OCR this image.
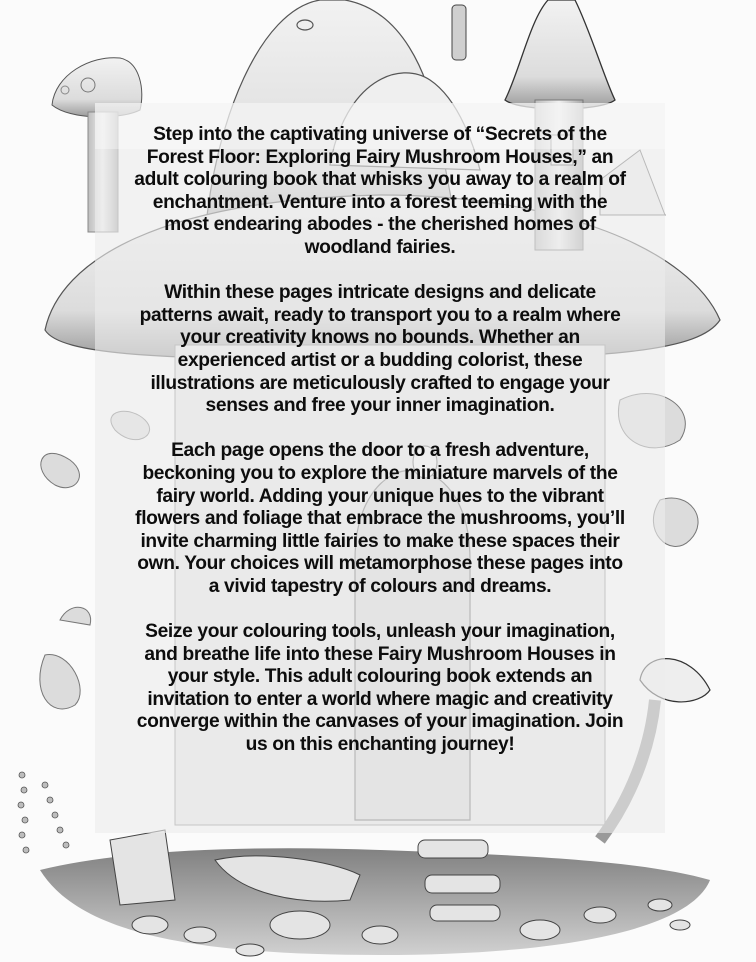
Step into the captivating universe of “Secrets of the
Forest Floor: Exploring Fairy Mushroom Houses,” an
adult colouring book that whisks you away to a realm of
enchantment. Venture into a forest teeming with the
most endearing abodes - the cherished homes of
woodland fairies.

Within these pages intricate designs and delicate
patterns await, ready to transport you to a realm where
your creativity knows no bounds. Whether an
experienced artist or a budding colorist, these
illustrations are meticulously crafted to engage your
senses and free your inner imagination.

Each page opens the door to a fresh adventure,
beckoning you to explore the miniature marvels of the
fairy world. Adding your unique hues to the vibrant
flowers and foliage that embrace the mushrooms, you’ll
invite charming little fairies to make these spaces their
own. Your choices will metamorphose these pages into
a vivid tapestry of colours and dreams.

Seize your colouring tools, unleash your imagination,
and breathe life into these Fairy Mushroom Houses in
your style. This adult colouring book extends an
invitation to enter a world where magic and creativity
converge within the canvases of your imagination. Join
us on this enchanting journey!
